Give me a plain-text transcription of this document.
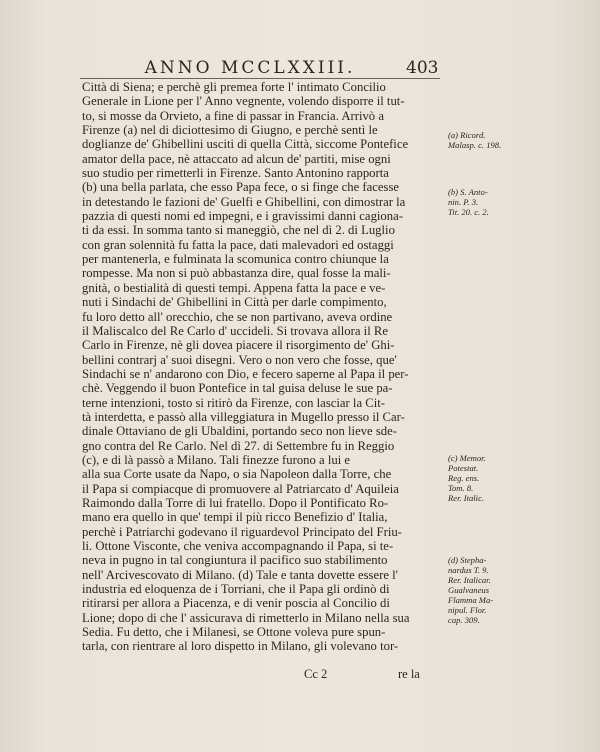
ANNO MCCLXXIII.	403
Città di Siena; e perchè gli premea forte l' intimato Concilio
Generale in Lione per l' Anno vegnente, volendo disporre il tut-
to, si mosse da Orvieto, a fine di passar in Francia. Arrivò a
Firenze (a) nel di diciottesimo di Giugno, e perchè sentì le
doglianze de' Ghibellini usciti di quella Città, siccome Pontefice
amator della pace, nè attaccato ad alcun de' partiti, mise ogni
suo studio per rimetterli in Firenze. Santo Antonino rapporta
(b) una bella parlata, che esso Papa fece, o si finge che facesse
in detestando le fazioni de' Guelfi e Ghibellini, con dimostrar la
pazzia di questi nomi ed impegni, e i gravissimi danni cagiona-
ti da essi. In somma tanto si maneggiò, che nel dì 2. di Luglio
con gran solennità fu fatta la pace, dati malevadori ed ostaggi
per mantenerla, e fulminata la scomunica contro chiunque la
rompesse. Ma non si può abbastanza dire, qual fosse la mali-
gnità, o bestialità di questi tempi. Appena fatta la pace e ve-
nuti i Sindachi de' Ghibellini in Città per darle compimento,
fu loro detto all' orecchio, che se non partivano, aveva ordine
il Maliscalco del Re Carlo d' uccideli. Si trovava allora il Re
Carlo in Firenze, nè gli dovea piacere il risorgimento de' Ghi-
bellini contrarj a' suoi disegni. Vero o non vero che fosse, que'
Sindachi se n' andarono con Dio, e fecero saperne al Papa il per-
chè. Veggendo il buon Pontefice in tal guisa deluse le sue pa-
terne intenzioni, tosto si ritirò da Firenze, con lasciar la Cit-
tà interdetta, e passò alla villeggiatura in Mugello presso il Car-
dinale Ottaviano de gli Ubaldini, portando seco non lieve sde-
gno contra del Re Carlo. Nel dì 27. di Settembre fu in Reggio
(c), e di là passò a Milano. Tali finezze furono a lui e
alla sua Corte usate da Napo, o sia Napoleon dalla Torre, che
il Papa si compiacque di promuovere al Patriarcato d' Aquileia
Raimondo dalla Torre di lui fratello. Dopo il Pontificato Ro-
mano era quello in que' tempi il più ricco Benefizio d' Italia,
perchè i Patriarchi godevano il riguardevol Principato del Friu-
li. Ottone Visconte, che veniva accompagnando il Papa, si te-
neva in pugno in tal congiuntura il pacifico suo stabilimento
nell' Arcivescovato di Milano. (d) Tale e tanta dovette essere l'
industria ed eloquenza de i Torriani, che il Papa gli ordinò di
ritirarsi per allora a Piacenza, e di venir poscia al Concilio di
Lione; dopo di che l' assicurava di rimetterlo in Milano nella sua
Sedia. Fu detto, che i Milanesi, se Ottone voleva pure spun-
tarla, con rientrare al loro dispetto in Milano, gli volevano tor-
(a) Ricord.
Malasp. c. 198.
(b) S. Anto-
nin. P. 3.
Tit. 20. c. 2.
(c) Memor.
Potestat.
Reg. ens.
Tom. 8.
Rer. Italic.
(d) Stepha-
nardus T. 9.
Rer. Italicar.
Gualvaneus
Flamma Ma-
nipul. Flor.
cap. 309.
Cc 2	re la
